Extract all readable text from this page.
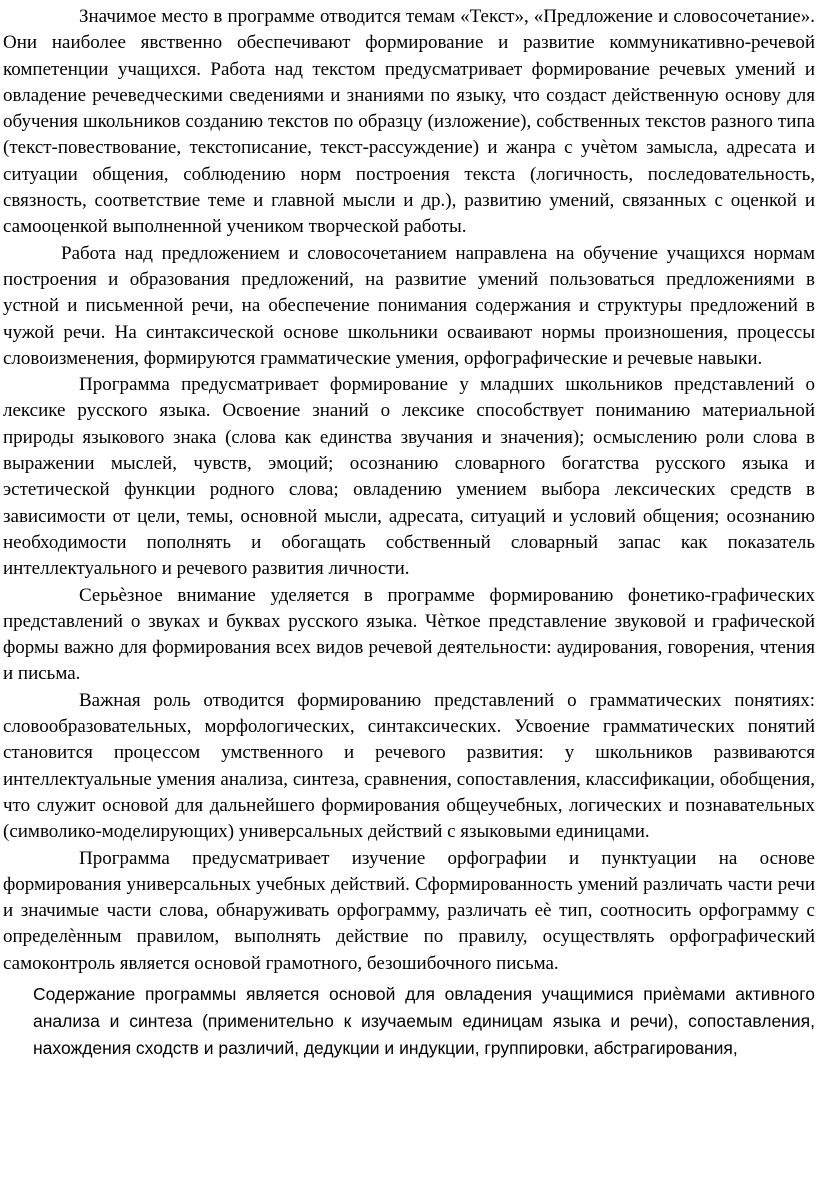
Значимое место в программе отводится темам «Текст», «Предложение и словосочетание». Они наиболее явственно обеспечивают формирование и развитие коммуникативно-речевой компетенции учащихся. Работа над текстом предусматривает формирование речевых умений и овладение речеведческими сведениями и знаниями по языку, что создаст действенную основу для обучения школьников созданию текстов по образцу (изложение), собственных текстов разного типа (текст-повествование, текстописание, текст-рассуждение) и жанра с учѐтом замысла, адресата и ситуации общения, соблюдению норм построения текста (логичность, последовательность, связность, соответствие теме и главной мысли и др.), развитию умений, связанных с оценкой и самооценкой выполненной учеником творческой работы.

Работа над предложением и словосочетанием направлена на обучение учащихся нормам построения и образования предложений, на развитие умений пользоваться предложениями в устной и письменной речи, на обеспечение понимания содержания и структуры предложений в чужой речи. На синтаксической основе школьники осваивают нормы произношения, процессы словоизменения, формируются грамматические умения, орфографические и речевые навыки.

Программа предусматривает формирование у младших школьников представлений о лексике русского языка. Освоение знаний о лексике способствует пониманию материальной природы языкового знака (слова как единства звучания и значения); осмыслению роли слова в выражении мыслей, чувств, эмоций; осознанию словарного богатства русского языка и эстетической функции родного слова; овладению умением выбора лексических средств в зависимости от цели, темы, основной мысли, адресата, ситуаций и условий общения; осознанию необходимости пополнять и обогащать собственный словарный запас как показатель интеллектуального и речевого развития личности.

Серьѐзное внимание уделяется в программе формированию фонетико-графических представлений о звуках и буквах русского языка. Чѐткое представление звуковой и графической формы важно для формирования всех видов речевой деятельности: аудирования, говорения, чтения и письма.

Важная роль отводится формированию представлений о грамматических понятиях: словообразовательных, морфологических, синтаксических. Усвоение грамматических понятий становится процессом умственного и речевого развития: у школьников развиваются интеллектуальные умения анализа, синтеза, сравнения, сопоставления, классификации, обобщения, что служит основой для дальнейшего формирования общеучебных, логических и познавательных (символико-моделирующих) универсальных действий с языковыми единицами.

Программа предусматривает изучение орфографии и пунктуации на основе формирования универсальных учебных действий. Сформированность умений различать части речи и значимые части слова, обнаруживать орфограмму, различать еѐ тип, соотносить орфограмму с определѐнным правилом, выполнять действие по правилу, осуществлять орфографический самоконтроль является основой грамотного, безошибочного письма.

Содержание программы является основой для овладения учащимися приѐмами активного анализа и синтеза (применительно к изучаемым единицам языка и речи), сопоставления, нахождения сходств и различий, дедукции и индукции, группировки, абстрагирования,
